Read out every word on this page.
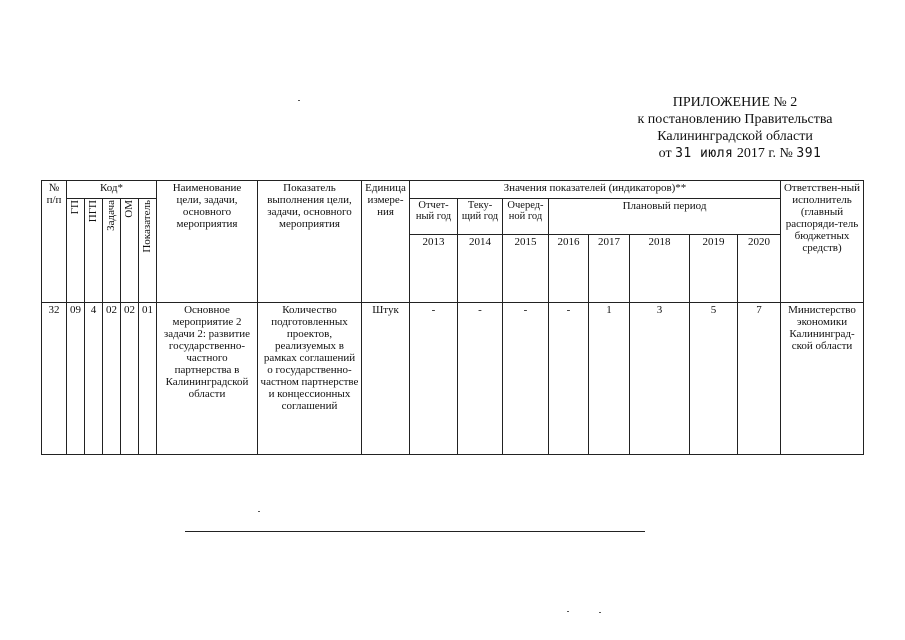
ПРИЛОЖЕНИЕ № 2
к постановлению Правительства
Калининградской области
от 31 июля 2017 г. № 391
№ п/п	Код*					Наименование цели, задачи, основного мероприятия	Показатель выполнения цели, задачи, основного мероприятия	Единица измере-ния	Значения показателей (индикаторов)**								Ответствен-ный исполнитель (главный распоряди-тель бюджетных средств)
	ГП	ПГП	Задача	ОМ	Показатель				Отчет-ный год	Теку-щий год	Очеред-ной год	Плановый период					
									2013	2014	2015	2016	2017	2018	2019	2020	
32	09	4	02	02	01	Основное мероприятие 2 задачи 2: развитие государственно-частного партнерства в Калининградской области	Количество подготовленных проектов, реализуемых в рамках соглашений о государственно-частном партнерстве и концессионных соглашений	Штук	-	-	-	-	1	3	5	7	Министерство экономики Калининград-ской области
